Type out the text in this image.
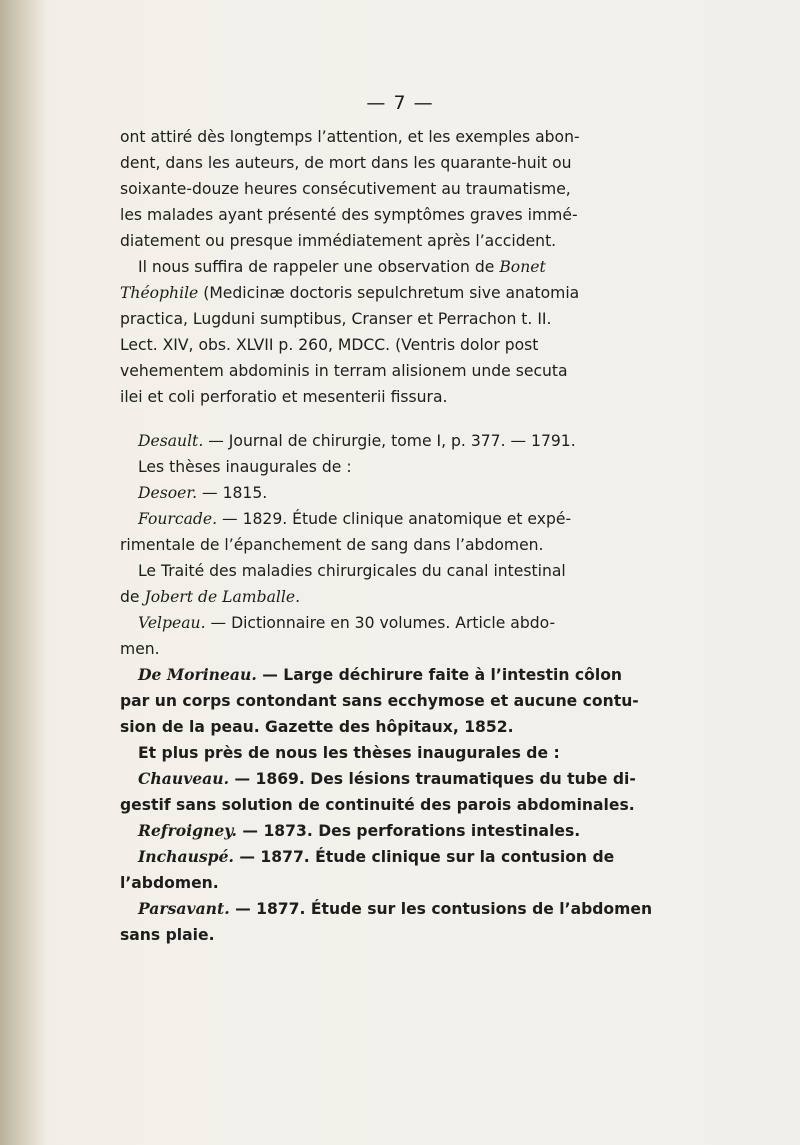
— 7 —
ont attiré dès longtemps l’attention, et les exemples abon-
dent, dans les auteurs, de mort dans les quarante-huit ou
soixante-douze heures consécutivement au traumatisme,
les malades ayant présenté des symptômes graves immé-
diatement ou presque immédiatement après l’accident.
Il nous suffira de rappeler une observation de Bonet
Théophile (Medicinæ doctoris sepulchretum sive anatomia
practica, Lugduni sumptibus, Cranser et Perrachon t. II.
Lect. XIV, obs. XLVII p. 260, MDCC. (Ventris dolor post
vehementem abdominis in terram alisionem unde secuta
ilei et coli perforatio et mesenterii fissura.
Desault. — Journal de chirurgie, tome I, p. 377. — 1791.
Les thèses inaugurales de :
Desoer. — 1815.
Fourcade. — 1829. Étude clinique anatomique et expé-
rimentale de l’épanchement de sang dans l’abdomen.
Le Traité des maladies chirurgicales du canal intestinal
de Jobert de Lamballe.
Velpeau. — Dictionnaire en 30 volumes. Article abdo-
men.
De Morineau. — Large déchirure faite à l’intestin côlon
par un corps contondant sans ecchymose et aucune contu-
sion de la peau. Gazette des hôpitaux, 1852.
Et plus près de nous les thèses inaugurales de :
Chauveau. — 1869. Des lésions traumatiques du tube di-
gestif sans solution de continuité des parois abdominales.
Refroigney. — 1873. Des perforations intestinales.
Inchauspé. — 1877. Étude clinique sur la contusion de
l’abdomen.
Parsavant. — 1877. Étude sur les contusions de l’abdomen
sans plaie.
